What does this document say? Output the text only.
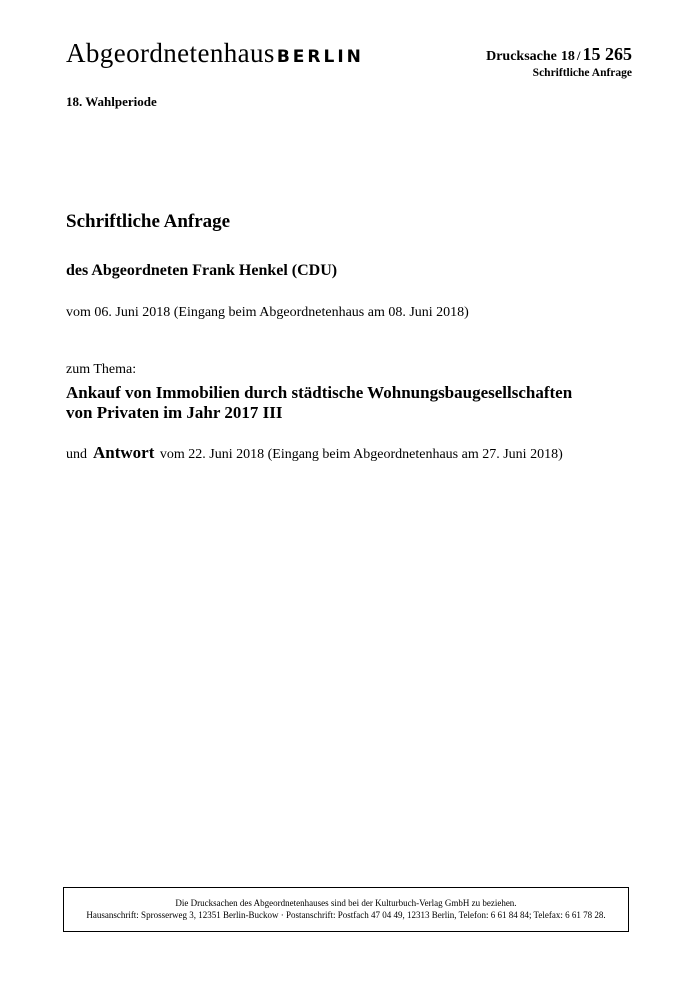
Abgeordnetenhaus BERLIN	Drucksache 18 / 15 265
Schriftliche Anfrage
18. Wahlperiode
Schriftliche Anfrage
des Abgeordneten Frank Henkel (CDU)
vom 06. Juni 2018 (Eingang beim Abgeordnetenhaus am 08. Juni 2018)
zum Thema:
Ankauf von Immobilien durch städtische Wohnungsbaugesellschaften
von Privaten im Jahr 2017 III
und Antwort vom 22. Juni 2018 (Eingang beim Abgeordnetenhaus am 27. Juni 2018)
Die Drucksachen des Abgeordnetenhauses sind bei der Kulturbuch-Verlag GmbH zu beziehen.
Hausanschrift: Sprosserweg 3, 12351 Berlin-Buckow · Postanschrift: Postfach 47 04 49, 12313 Berlin, Telefon: 6 61 84 84; Telefax: 6 61 78 28.
